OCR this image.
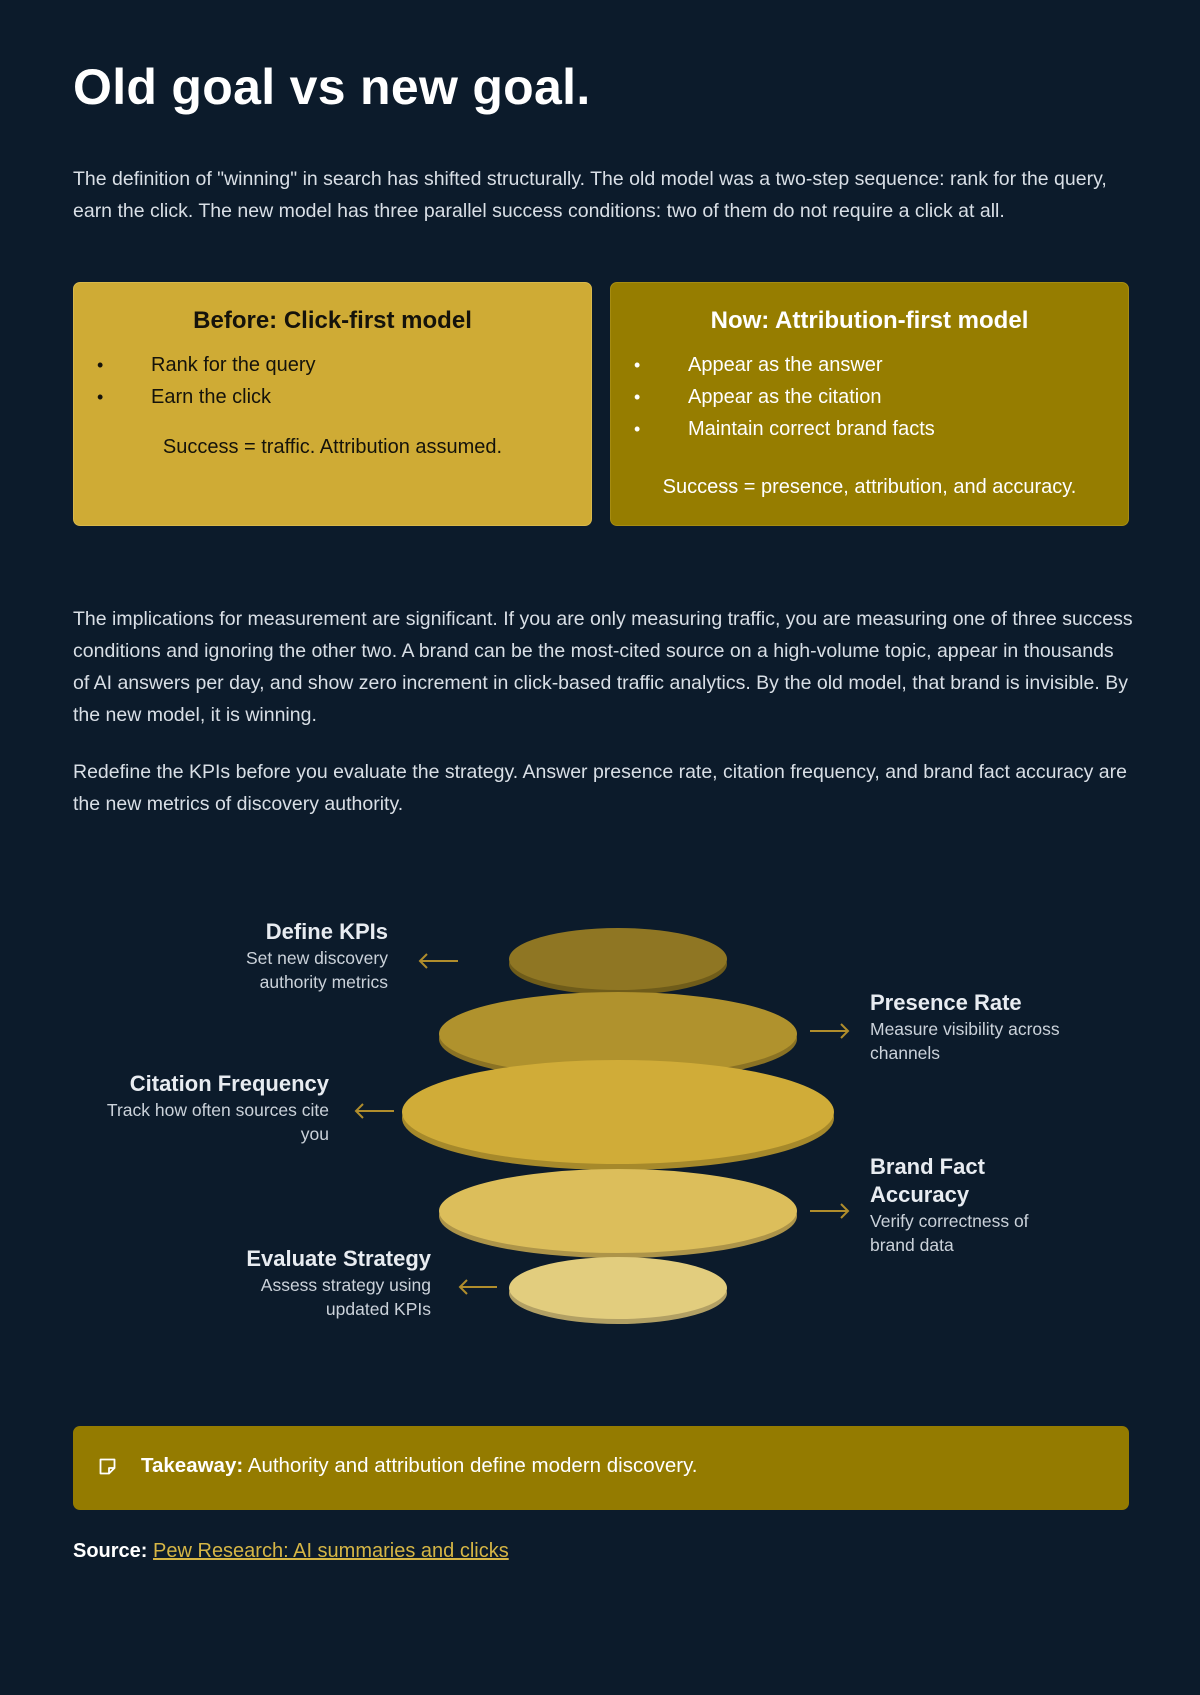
Old goal vs new goal.

The definition of "winning" in search has shifted structurally. The old model was a two-step sequence: rank for the query, earn the click. The new model has three parallel success conditions: two of them do not require a click at all.

Before: Click-first model
• Rank for the query
• Earn the click
Success = traffic. Attribution assumed.
Now: Attribution-first model
• Appear as the answer
• Appear as the citation
• Maintain correct brand facts
Success = presence, attribution, and accuracy.

The implications for measurement are significant. If you are only measuring traffic, you are measuring one of three success conditions and ignoring the other two. A brand can be the most-cited source on a high-volume topic, appear in thousands of AI answers per day, and show zero increment in click-based traffic analytics. By the old model, that brand is invisible. By the new model, it is winning.

Redefine the KPIs before you evaluate the strategy. Answer presence rate, citation frequency, and brand fact accuracy are the new metrics of discovery authority.

Takeaway: Authority and attribution define modern discovery.
Source: Pew Research: AI summaries and clicks
Define KPIs
Set new discovery authority metrics
Presence Rate
Measure visibility across channels
Citation Frequency
Track how often sources cite you
Brand Fact Accuracy
Verify correctness of brand data
Evaluate Strategy
Assess strategy using updated KPIs
